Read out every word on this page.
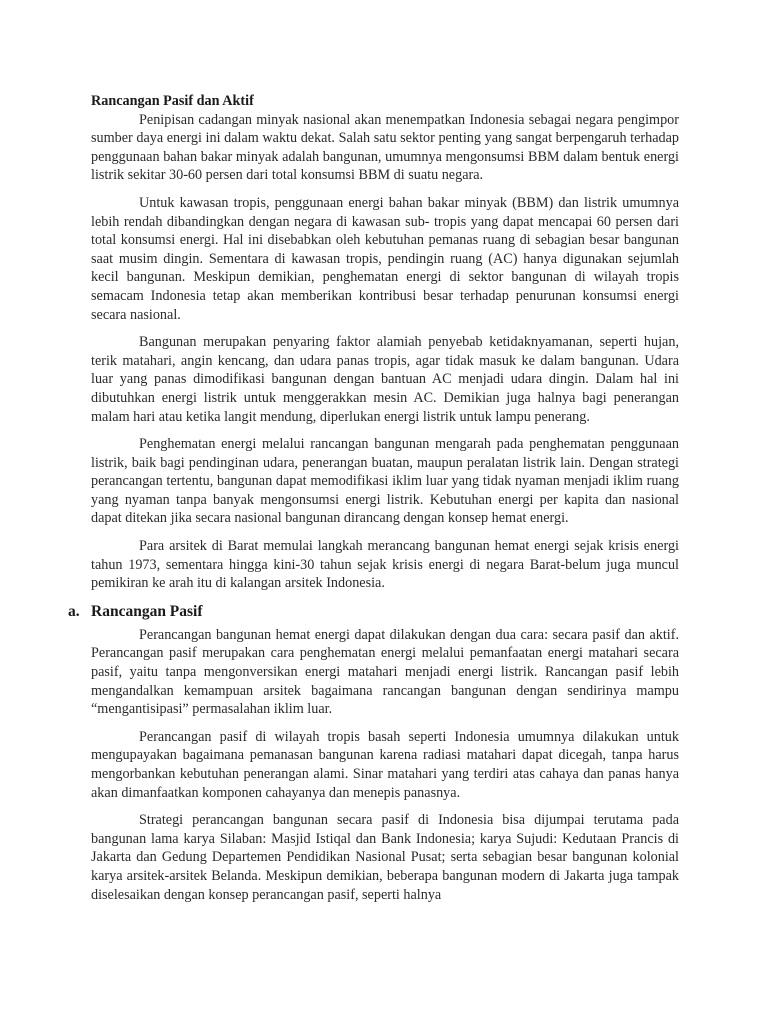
Rancangan Pasif dan Aktif

Penipisan cadangan minyak nasional akan menempatkan Indonesia sebagai negara pengimpor sumber daya energi ini dalam waktu dekat. Salah satu sektor penting yang sangat berpengaruh terhadap penggunaan bahan bakar minyak adalah bangunan, umumnya mengonsumsi BBM dalam bentuk energi listrik sekitar 30-60 persen dari total konsumsi BBM di suatu negara.

Untuk kawasan tropis, penggunaan energi bahan bakar minyak (BBM) dan listrik umumnya lebih rendah dibandingkan dengan negara di kawasan sub- tropis yang dapat mencapai 60 persen dari total konsumsi energi. Hal ini disebabkan oleh kebutuhan pemanas ruang di sebagian besar bangunan saat musim dingin. Sementara di kawasan tropis, pendingin ruang (AC) hanya digunakan sejumlah kecil bangunan. Meskipun demikian, penghematan energi di sektor bangunan di wilayah tropis semacam Indonesia tetap akan memberikan kontribusi besar terhadap penurunan konsumsi energi secara nasional.

Bangunan merupakan penyaring faktor alamiah penyebab ketidaknyamanan, seperti hujan, terik matahari, angin kencang, dan udara panas tropis, agar tidak masuk ke dalam bangunan. Udara luar yang panas dimodifikasi bangunan dengan bantuan AC menjadi udara dingin. Dalam hal ini dibutuhkan energi listrik untuk menggerakkan mesin AC. Demikian juga halnya bagi penerangan malam hari atau ketika langit mendung, diperlukan energi listrik untuk lampu penerang.

Penghematan energi melalui rancangan bangunan mengarah pada penghematan penggunaan listrik, baik bagi pendinginan udara, penerangan buatan, maupun peralatan listrik lain. Dengan strategi perancangan tertentu, bangunan dapat memodifikasi iklim luar yang tidak nyaman menjadi iklim ruang yang nyaman tanpa banyak mengonsumsi energi listrik. Kebutuhan energi per kapita dan nasional dapat ditekan jika secara nasional bangunan dirancang dengan konsep hemat energi.

Para arsitek di Barat memulai langkah merancang bangunan hemat energi sejak krisis energi tahun 1973, sementara hingga kini-30 tahun sejak krisis energi di negara Barat-belum juga muncul pemikiran ke arah itu di kalangan arsitek Indonesia.

a. Rancangan Pasif

Perancangan bangunan hemat energi dapat dilakukan dengan dua cara: secara pasif dan aktif. Perancangan pasif merupakan cara penghematan energi melalui pemanfaatan energi matahari secara pasif, yaitu tanpa mengonversikan energi matahari menjadi energi listrik. Rancangan pasif lebih mengandalkan kemampuan arsitek bagaimana rancangan bangunan dengan sendirinya mampu “mengantisipasi” permasalahan iklim luar.

Perancangan pasif di wilayah tropis basah seperti Indonesia umumnya dilakukan untuk mengupayakan bagaimana pemanasan bangunan karena radiasi matahari dapat dicegah, tanpa harus mengorbankan kebutuhan penerangan alami. Sinar matahari yang terdiri atas cahaya dan panas hanya akan dimanfaatkan komponen cahayanya dan menepis panasnya.

Strategi perancangan bangunan secara pasif di Indonesia bisa dijumpai terutama pada bangunan lama karya Silaban: Masjid Istiqal dan Bank Indonesia; karya Sujudi: Kedutaan Prancis di Jakarta dan Gedung Departemen Pendidikan Nasional Pusat; serta sebagian besar bangunan kolonial karya arsitek-arsitek Belanda. Meskipun demikian, beberapa bangunan modern di Jakarta juga tampak diselesaikan dengan konsep perancangan pasif, seperti halnya
